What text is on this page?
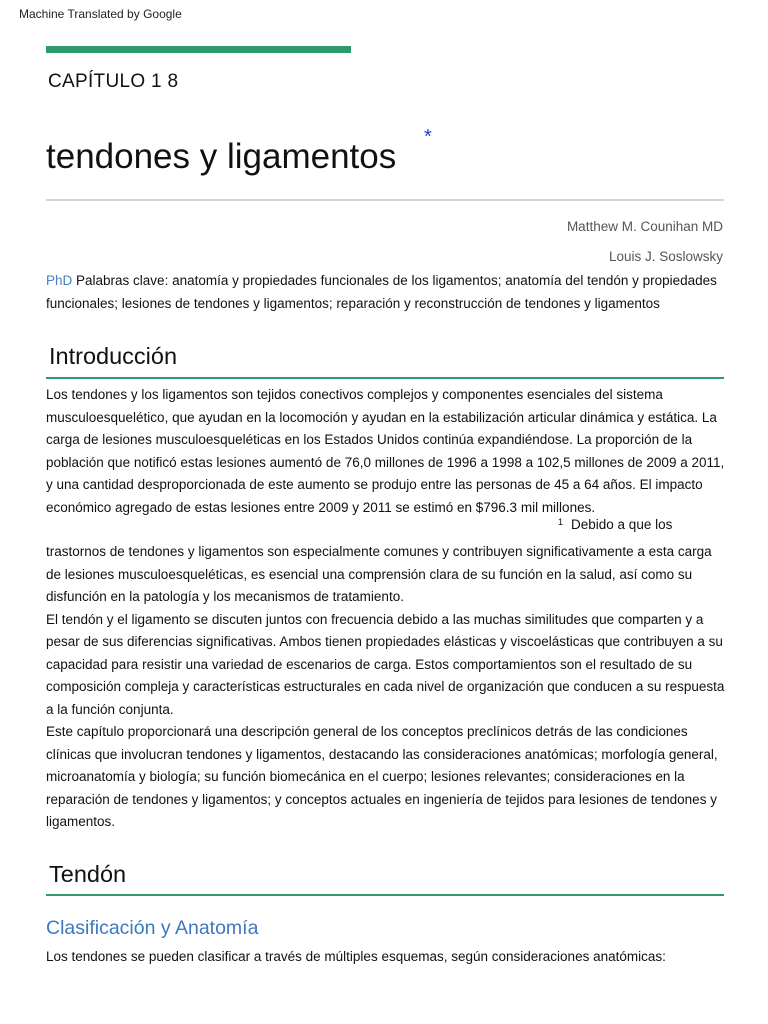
Machine Translated by Google
CAPÍTULO 1 8
tendones y ligamentos *
Matthew M. Counihan MD
Louis J. Soslowsky
PhD Palabras clave: anatomía y propiedades funcionales de los ligamentos; anatomía del tendón y propiedades funcionales; lesiones de tendones y ligamentos; reparación y reconstrucción de tendones y ligamentos
Introducción

Los tendones y los ligamentos son tejidos conectivos complejos y componentes esenciales del sistema musculoesquelético, que ayudan en la locomoción y ayudan en la estabilización articular dinámica y estática. La carga de lesiones musculoesqueléticas en los Estados Unidos continúa expandiéndose. La proporción de la población que notificó estas lesiones aumentó de 76,0 millones de 1996 a 1998 a 102,5 millones de 2009 a 2011, y una cantidad desproporcionada de este aumento se produjo entre las personas de 45 a 64 años. El impacto económico agregado de estas lesiones entre 2009 y 2011 se estimó en $796.3 mil millones.

$^1$ Debido a que los

trastornos de tendones y ligamentos son especialmente comunes y contribuyen significativamente a esta carga de lesiones musculoesqueléticas, es esencial una comprensión clara de su función en la salud, así como su disfunción en la patología y los mecanismos de tratamiento.

El tendón y el ligamento se discuten juntos con frecuencia debido a las muchas similitudes que comparten y a pesar de sus diferencias significativas. Ambos tienen propiedades elásticas y viscoelásticas que contribuyen a su capacidad para resistir una variedad de escenarios de carga. Estos comportamientos son el resultado de su composición compleja y características estructurales en cada nivel de organización que conducen a su respuesta a la función conjunta.

Este capítulo proporcionará una descripción general de los conceptos preclínicos detrás de las condiciones clínicas que involucran tendones y ligamentos, destacando las consideraciones anatómicas; morfología general, microanatomía y biología; su función biomecánica en el cuerpo; lesiones relevantes; consideraciones en la reparación de tendones y ligamentos; y conceptos actuales en ingeniería de tejidos para lesiones de tendones y ligamentos.

Tendón
Clasificación y Anatomía

Los tendones se pueden clasificar a través de múltiples esquemas, según consideraciones anatómicas:
